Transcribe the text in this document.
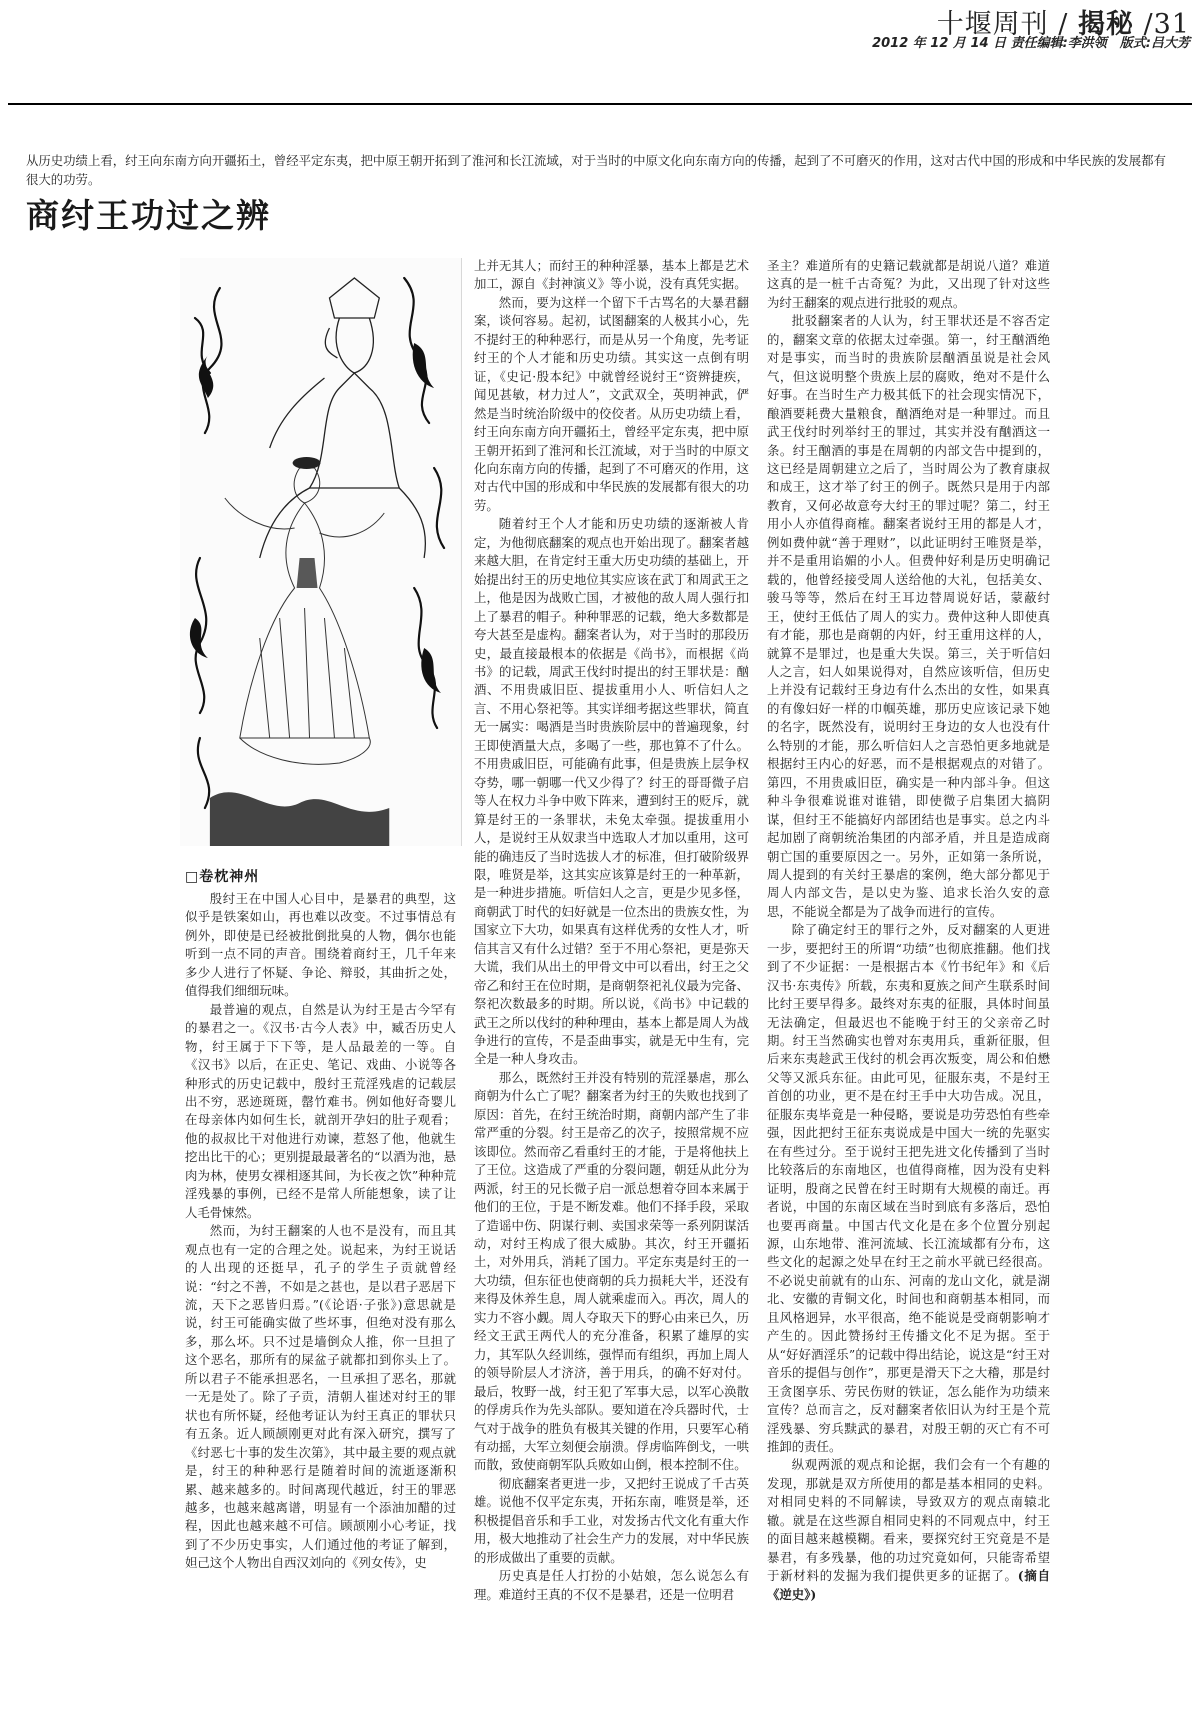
十堰周刊 / 揭秘 /31
2012 年 12 月 14 日 责任编辑:李洪领　版式:吕大芳
从历史功绩上看，纣王向东南方向开疆拓土，曾经平定东夷，把中原王朝开拓到了淮河和长江流域，对于当时的中原文化向东南方向的传播，起到了不可磨灭的作用，这对古代中国的形成和中华民族的发展都有很大的功劳。
商纣王功过之辨
□卷枕神州

殷纣王在中国人心目中，是暴君的典型，这似乎是铁案如山，再也难以改变。不过事情总有例外，即使是已经被批倒批臭的人物，偶尔也能听到一点不同的声音。围绕着商纣王，几千年来多少人进行了怀疑、争论、辩驳，其曲折之处，值得我们细细玩味。

最普遍的观点，自然是认为纣王是古今罕有的暴君之一。《汉书·古今人表》中，臧否历史人物，纣王属于下下等，是人品最差的一等。自《汉书》以后，在正史、笔记、戏曲、小说等各种形式的历史记载中，殷纣王荒淫残虐的记载层出不穷，恶迹斑斑，罄竹难书。例如他好奇婴儿在母亲体内如何生长，就剖开孕妇的肚子观看；他的叔叔比干对他进行劝谏，惹怒了他，他就生挖出比干的心；更别提最最著名的“以酒为池，悬肉为林，使男女裸相逐其间，为长夜之饮”种种荒淫残暴的事例，已经不是常人所能想象，读了让人毛骨悚然。

然而，为纣王翻案的人也不是没有，而且其观点也有一定的合理之处。说起来，为纣王说话的人出现的还挺早，孔子的学生子贡就曾经说：“纣之不善，不如是之甚也，是以君子恶居下流，天下之恶皆归焉。”(《论语·子张》)意思就是说，纣王可能确实做了些坏事，但绝对没有那么多，那么坏。只不过是墙倒众人推，你一旦担了这个恶名，那所有的屎盆子就都扣到你头上了。所以君子不能承担恶名，一旦承担了恶名，那就一无是处了。除了子贡，清朝人崔述对纣王的罪状也有所怀疑，经他考证认为纣王真正的罪状只有五条。近人顾颉刚更对此有深入研究，撰写了《纣恶七十事的发生次第》，其中最主要的观点就是，纣王的种种恶行是随着时间的流逝逐渐积累、越来越多的。时间离现代越近，纣王的罪恶越多，也越来越离谱，明显有一个添油加醋的过程，因此也越来越不可信。顾颉刚小心考证，找到了不少历史事实，人们通过他的考证了解到，妲己这个人物出自西汉刘向的《列女传》，史

上并无其人；而纣王的种种淫暴，基本上都是艺术加工，源自《封神演义》等小说，没有真凭实据。

然而，要为这样一个留下千古骂名的大暴君翻案，谈何容易。起初，试图翻案的人极其小心，先不提纣王的种种恶行，而是从另一个角度，先考证纣王的个人才能和历史功绩。其实这一点倒有明证，《史记·殷本纪》中就曾经说纣王“资辨捷疾，闻见甚敏，材力过人”，文武双全，英明神武，俨然是当时统治阶级中的佼佼者。从历史功绩上看，纣王向东南方向开疆拓土，曾经平定东夷，把中原王朝开拓到了淮河和长江流域，对于当时的中原文化向东南方向的传播，起到了不可磨灭的作用，这对古代中国的形成和中华民族的发展都有很大的功劳。

随着纣王个人才能和历史功绩的逐渐被人肯定，为他彻底翻案的观点也开始出现了。翻案者越来越大胆，在肯定纣王重大历史功绩的基础上，开始提出纣王的历史地位其实应该在武丁和周武王之上，他是因为战败亡国，才被他的敌人周人强行扣上了暴君的帽子。种种罪恶的记载，绝大多数都是夸大甚至是虚构。翻案者认为，对于当时的那段历史，最直接最根本的依据是《尚书》，而根据《尚书》的记载，周武王伐纣时提出的纣王罪状是：酗酒、不用贵戚旧臣、提拔重用小人、听信妇人之言、不用心祭祀等。其实详细考据这些罪状，简直无一属实：喝酒是当时贵族阶层中的普遍现象，纣王即使酒量大点，多喝了一些，那也算不了什么。不用贵戚旧臣，可能确有此事，但是贵族上层争权夺势，哪一朝哪一代又少得了？纣王的哥哥微子启等人在权力斗争中败下阵来，遭到纣王的贬斥，就算是纣王的一条罪状，未免太牵强。提拔重用小人，是说纣王从奴隶当中选取人才加以重用，这可能的确违反了当时选拔人才的标准，但打破阶级界限，唯贤是举，这其实应该算是纣王的一种革新，是一种进步措施。听信妇人之言，更是少见多怪，商朝武丁时代的妇好就是一位杰出的贵族女性，为国家立下大功，如果真有这样优秀的女性人才，听信其言又有什么过错？至于不用心祭祀，更是弥天大谎，我们从出土的甲骨文中可以看出，纣王之父帝乙和纣王在位时期，是商朝祭祀礼仪最为完备、祭祀次数最多的时期。所以说，《尚书》中记载的武王之所以伐纣的种种理由，基本上都是周人为战争进行的宣传，不是歪曲事实，就是无中生有，完全是一种人身攻击。

那么，既然纣王并没有特别的荒淫暴虐，那么商朝为什么亡了呢？翻案者为纣王的失败也找到了原因：首先，在纣王统治时期，商朝内部产生了非常严重的分裂。纣王是帝乙的次子，按照常规不应该即位。然而帝乙看重纣王的才能，于是将他扶上了王位。这造成了严重的分裂问题，朝廷从此分为两派，纣王的兄长微子启一派总想着夺回本来属于他们的王位，于是不断发难。他们不择手段，采取了造谣中伤、阴谋行刺、卖国求荣等一系列阴谋活动，对纣王构成了很大威胁。其次，纣王开疆拓土，对外用兵，消耗了国力。平定东夷是纣王的一大功绩，但东征也使商朝的兵力损耗大半，还没有来得及休养生息，周人就乘虚而入。再次，周人的实力不容小觑。周人夺取天下的野心由来已久，历经文王武王两代人的充分准备，积累了雄厚的实力，其军队久经训练，强悍而有组织，再加上周人的领导阶层人才济济，善于用兵，的确不好对付。最后，牧野一战，纣王犯了军事大忌，以军心涣散的俘虏兵作为先头部队。要知道在冷兵器时代，士气对于战争的胜负有极其关键的作用，只要军心稍有动摇，大军立刻便会崩溃。俘虏临阵倒戈，一哄而散，致使商朝军队兵败如山倒，根本控制不住。

彻底翻案者更进一步，又把纣王说成了千古英雄。说他不仅平定东夷，开拓东南，唯贤是举，还积极提倡音乐和手工业，对发扬古代文化有重大作用，极大地推动了社会生产力的发展，对中华民族的形成做出了重要的贡献。

历史真是任人打扮的小姑娘，怎么说怎么有理。难道纣王真的不仅不是暴君，还是一位明君

圣主？难道所有的史籍记载就都是胡说八道？难道这真的是一桩千古奇冤？为此，又出现了针对这些为纣王翻案的观点进行批驳的观点。

批驳翻案者的人认为，纣王罪状还是不容否定的，翻案文章的依据太过牵强。第一，纣王酗酒绝对是事实，而当时的贵族阶层酗酒虽说是社会风气，但这说明整个贵族上层的腐败，绝对不是什么好事。在当时生产力极其低下的社会现实情况下，酿酒要耗费大量粮食，酗酒绝对是一种罪过。而且武王伐纣时列举纣王的罪过，其实并没有酗酒这一条。纣王酗酒的事是在周朝的内部文告中提到的，这已经是周朝建立之后了，当时周公为了教育康叔和成王，这才举了纣王的例子。既然只是用于内部教育，又何必故意夸大纣王的罪过呢？第二，纣王用小人亦值得商榷。翻案者说纣王用的都是人才，例如费仲就“善于理财”，以此证明纣王唯贤是举，并不是重用谄媚的小人。但费仲好利是历史明确记载的，他曾经接受周人送给他的大礼，包括美女、骏马等等，然后在纣王耳边替周说好话，蒙蔽纣王，使纣王低估了周人的实力。费仲这种人即使真有才能，那也是商朝的内奸，纣王重用这样的人，就算不是罪过，也是重大失误。第三，关于听信妇人之言，妇人如果说得对，自然应该听信，但历史上并没有记载纣王身边有什么杰出的女性，如果真的有像妇好一样的巾帼英雄，那历史应该记录下她的名字，既然没有，说明纣王身边的女人也没有什么特别的才能，那么听信妇人之言恐怕更多地就是根据纣王内心的好恶，而不是根据观点的对错了。第四，不用贵戚旧臣，确实是一种内部斗争。但这种斗争很难说谁对谁错，即使微子启集团大搞阴谋，但纣王不能搞好内部团结也是事实。总之内斗起加剧了商朝统治集团的内部矛盾，并且是造成商朝亡国的重要原因之一。另外，正如第一条所说，周人提到的有关纣王暴虐的案例，绝大部分都见于周人内部文告，是以史为鉴、追求长治久安的意思，不能说全都是为了战争而进行的宣传。

除了确定纣王的罪行之外，反对翻案的人更进一步，要把纣王的所谓“功绩”也彻底推翻。他们找到了不少证据：一是根据古本《竹书纪年》和《后汉书·东夷传》所载，东夷和夏族之间产生联系时间比纣王要早得多。最终对东夷的征服，具体时间虽无法确定，但最迟也不能晚于纣王的父亲帝乙时期。纣王当然确实也曾对东夷用兵，重新征服，但后来东夷趁武王伐纣的机会再次叛变，周公和伯懋父等又派兵东征。由此可见，征服东夷，不是纣王首创的功业，更不是在纣王手中大功告成。况且，征服东夷毕竟是一种侵略，要说是功劳恐怕有些牵强，因此把纣王征东夷说成是中国大一统的先驱实在有些过分。至于说纣王把先进文化传播到了当时比较落后的东南地区，也值得商榷，因为没有史料证明，殷商之民曾在纣王时期有大规模的南迁。再者说，中国的东南区域在当时到底有多落后，恐怕也要再商量。中国古代文化是在多个位置分别起源，山东地带、淮河流域、长江流域都有分布，这些文化的起源之处早在纣王之前水平就已经很高。不必说史前就有的山东、河南的龙山文化，就是湖北、安徽的青铜文化，时间也和商朝基本相同，而且风格迥异，水平很高，绝不能说是受商朝影响才产生的。因此赞扬纣王传播文化不足为据。至于从“好好酒淫乐”的记载中得出结论，说这是“纣王对音乐的提倡与创作”，那更是滑天下之大稽，那是纣王贪图享乐、劳民伤财的铁证，怎么能作为功绩来宣传？总而言之，反对翻案者依旧认为纣王是个荒淫残暴、穷兵黩武的暴君，对殷王朝的灭亡有不可推卸的责任。

纵观两派的观点和论据，我们会有一个有趣的发现，那就是双方所使用的都是基本相同的史料。对相同史料的不同解读，导致双方的观点南辕北辙。就是在这些源自相同史料的不同观点中，纣王的面目越来越模糊。看来，要探究纣王究竟是不是暴君，有多残暴，他的功过究竟如何，只能寄希望于新材料的发掘为我们提供更多的证据了。(摘自《逆史》)
